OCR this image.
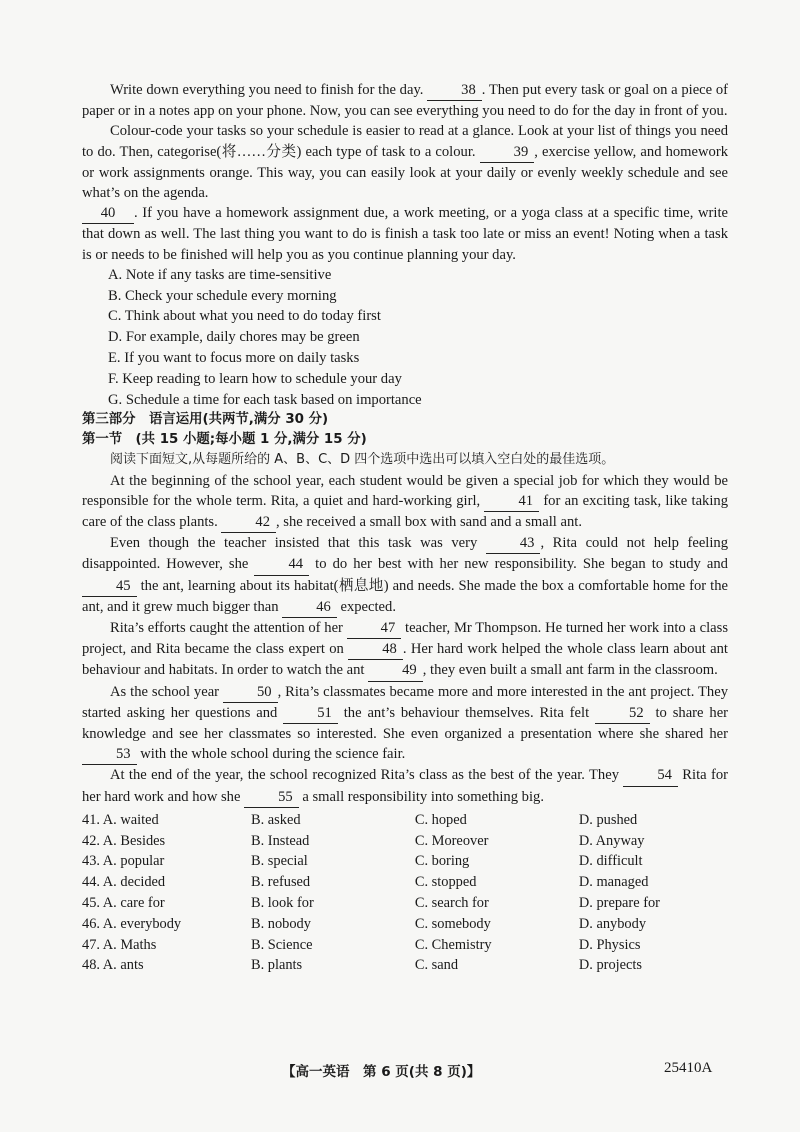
Write down everything you need to finish for the day.	38 . Then put every task or goal on a piece of paper or in a notes app on your phone. Now, you can see everything you need to do for the day in front of you.

Colour-code your tasks so your schedule is easier to read at a glance. Look at your list of things you need to do. Then, categorise(将……分类) each type of task to a colour.	39 , exercise yellow, and homework or work assignments orange. This way, you can easily look at your daily or evenly weekly schedule and see what’s on the agenda.

40 . If you have a homework assignment due, a work meeting, or a yoga class at a specific time, write that down as well. The last thing you want to do is finish a task too late or miss an event! Noting when a task is or needs to be finished will help you as you continue planning your day.

A. Note if any tasks are time-sensitive
B. Check your schedule every morning
C. Think about what you need to do today first
D. For example, daily chores may be green
E. If you want to focus more on daily tasks
F. Keep reading to learn how to schedule your day
G. Schedule a time for each task based on importance
第三部分　语言运用(共两节,满分 30 分)
第一节　(共 15 小题;每小题 1 分,满分 15 分)

阅读下面短文,从每题所给的 A、B、C、D 四个选项中选出可以填入空白处的最佳选项。

At the beginning of the school year, each student would be given a special job for which they would be responsible for the whole term. Rita, a quiet and hard-working girl,	41 for an exciting task, like taking care of the class plants.	42 , she received a small box with sand and a small ant.

Even though the teacher insisted that this task was very	43 , Rita could not help feeling disappointed. However, she	44 to do her best with her new responsibility. She began to study and 45 the ant, learning about its habitat(栖息地) and needs. She made the box a comfortable home for the ant, and it grew much bigger than	46 expected.

Rita’s efforts caught the attention of her	47 teacher, Mr Thompson. He turned her work into a class project, and Rita became the class expert on	48 . Her hard work helped the whole class learn about ant behaviour and habitats. In order to watch the ant	49 , they even built a small ant farm in the classroom.

As the school year	50 , Rita’s classmates became more and more interested in the ant project. They started asking her questions and	51 the ant’s behaviour themselves. Rita felt	52 to share her knowledge and see her classmates so interested. She even organized a presentation where she shared her 53 with the whole school during the science fair.

At the end of the year, the school recognized Rita’s class as the best of the year. They	54 Rita for her hard work and how she	55 a small responsibility into something big.

41. A. waited	B. asked	C. hoped	D. pushed
42. A. Besides	B. Instead	C. Moreover	D. Anyway
43. A. popular	B. special	C. boring	D. difficult
44. A. decided	B. refused	C. stopped	D. managed
45. A. care for	B. look for	C. search for	D. prepare for
46. A. everybody	B. nobody	C. somebody	D. anybody
47. A. Maths	B. Science	C. Chemistry	D. Physics
48. A. ants	B. plants	C. sand	D. projects
【高一英语　第 6 页(共 8 页)】	25410A
